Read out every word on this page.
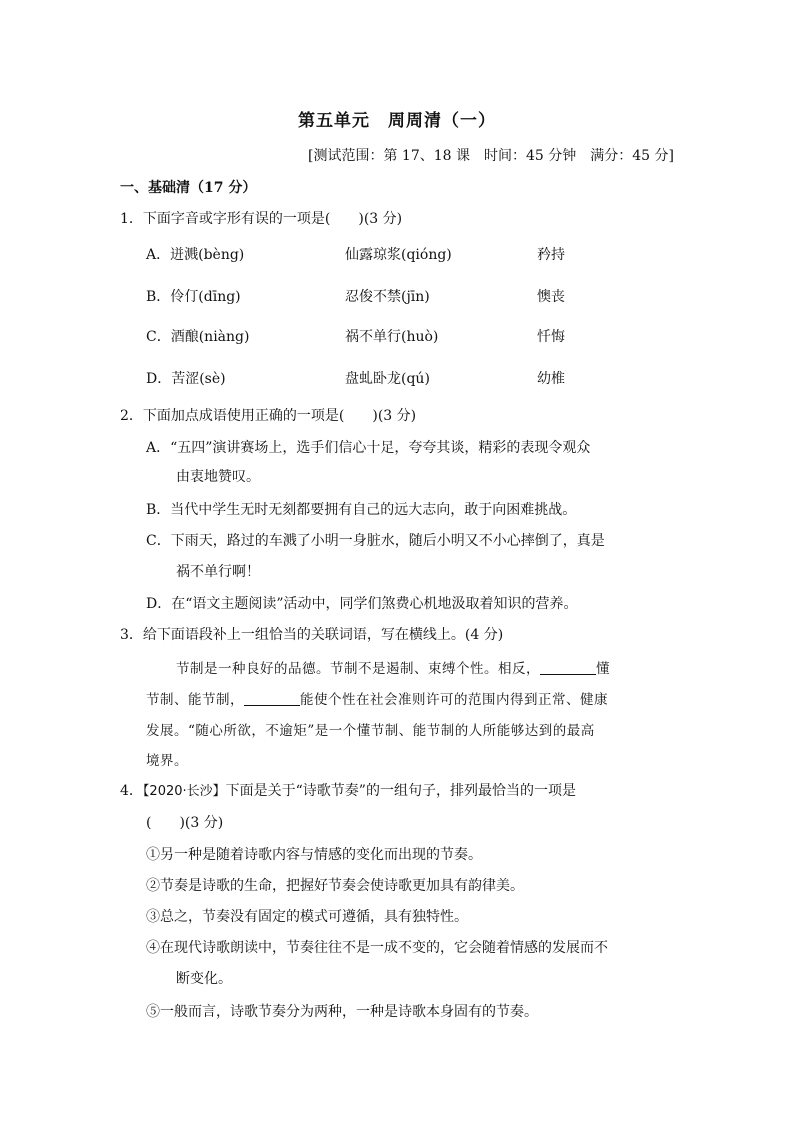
第五单元　周周清（一）
[测试范围：第 17、18 课　时间：45 分钟　满分：45 分]
一、基础清（17 分）
1．下面字音或字形有误的一项是(　　)(3 分)
A．迸溅(bèng)	仙露琼浆(qióng)	矜持
B．伶仃(dīng)	忍俊不禁(jīn)	懊丧
C．酒酿(niàng)	祸不单行(huò)	忏悔
D．苦涩(sè)	盘虬卧龙(qú)	幼椎
2．下面加点成语使用正确的一项是(　　)(3 分)
A．“五四”演讲赛场上，选手们信心十足，夸夸其谈，精彩的表现令观众
由衷地赞叹。
B．当代中学生无时无刻都要拥有自己的远大志向，敢于向困难挑战。
C．下雨天，路过的车溅了小明一身脏水，随后小明又不小心摔倒了，真是
祸不单行啊！
D．在“语文主题阅读”活动中，同学们煞费心机地汲取着知识的营养。
3．给下面语段补上一组恰当的关联词语，写在横线上。(4 分)
节制是一种良好的品德。节制不是遏制、束缚个性。相反，	懂
节制、能节制，	能使个性在社会准则许可的范围内得到正常、健康
发展。“随心所欲，不逾矩”是一个懂节制、能节制的人所能够达到的最高
境界。
4．【2020·长沙】下面是关于“诗歌节奏”的一组句子，排列最恰当的一项是
(　　)(3 分)
①另一种是随着诗歌内容与情感的变化而出现的节奏。
②节奏是诗歌的生命，把握好节奏会使诗歌更加具有韵律美。
③总之，节奏没有固定的模式可遵循，具有独特性。
④在现代诗歌朗读中，节奏往往不是一成不变的，它会随着情感的发展而不
断变化。
⑤一般而言，诗歌节奏分为两种，一种是诗歌本身固有的节奏。
